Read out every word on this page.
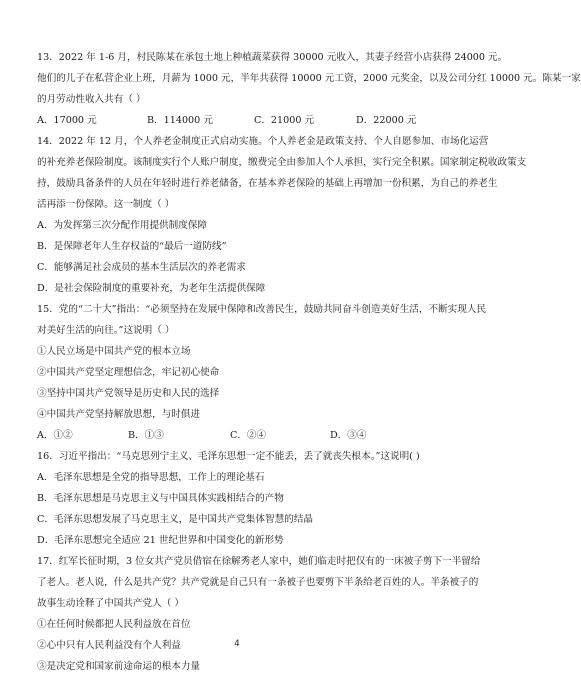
13．2022 年 1-6 月，村民陈某在承包土地上种植蔬菜获得 30000 元收入，其妻子经营小店获得 24000 元。
他们的儿子在私营企业上班，月薪为 1000 元，半年共获得 10000 元工资，2000 元奖金，以及公司分红 10000 元。陈某一家
的月劳动性收入共有（ ）
A．17000 元	B．114000 元	C．21000 元	D．22000 元
14．2022 年 12 月，个人养老金制度正式启动实施。个人养老金是政策支持、个人自愿参加、市场化运营
的补充养老保险制度。该制度实行个人账户制度，缴费完全由参加人个人承担，实行完全积累。国家制定税收政策支
持，鼓励具备条件的人员在年轻时进行养老储备，在基本养老保险的基础上再增加一份积累，为自己的养老生
活再添一份保障。这一制度（ ）
A．为发挥第三次分配作用提供制度保障
B．是保障老年人生存权益的“最后一道防线”
C．能够满足社会成员的基本生活层次的养老需求
D．是社会保险制度的重要补充，为老年生活提供保障
15．党的“二十大”指出：“必须坚持在发展中保障和改善民生，鼓励共同奋斗创造美好生活，不断实现人民
对美好生活的向往。”这说明（ ）
①人民立场是中国共产党的根本立场
②中国共产党坚定理想信念，牢记初心使命
③坚持中国共产党领导是历史和人民的选择
④中国共产党坚持解放思想，与时俱进
A．①②	B．①③	C．②④	D．③④
16．习近平指出：“马克思列宁主义、毛泽东思想一定不能丢，丢了就丧失根本。”这说明( )
A．毛泽东思想是全党的指导思想，工作上的理论基石
B．毛泽东思想是马克思主义与中国具体实践相结合的产物
C．毛泽东思想发展了马克思主义，是中国共产党集体智慧的结晶
D．毛泽东思想完全适应 21 世纪世界和中国变化的新形势
17．红军长征时期，3 位女共产党员借宿在徐解秀老人家中，她们临走时把仅有的一床被子剪下一半留给
了老人。老人说，什么是共产党？共产党就是自己只有一条被子也要剪下半条给老百姓的人。半条被子的
故事生动诠释了中国共产党人（ ）
①在任何时候都把人民利益放在首位
②心中只有人民利益没有个人利益
③是决定党和国家前途命运的根本力量
4
